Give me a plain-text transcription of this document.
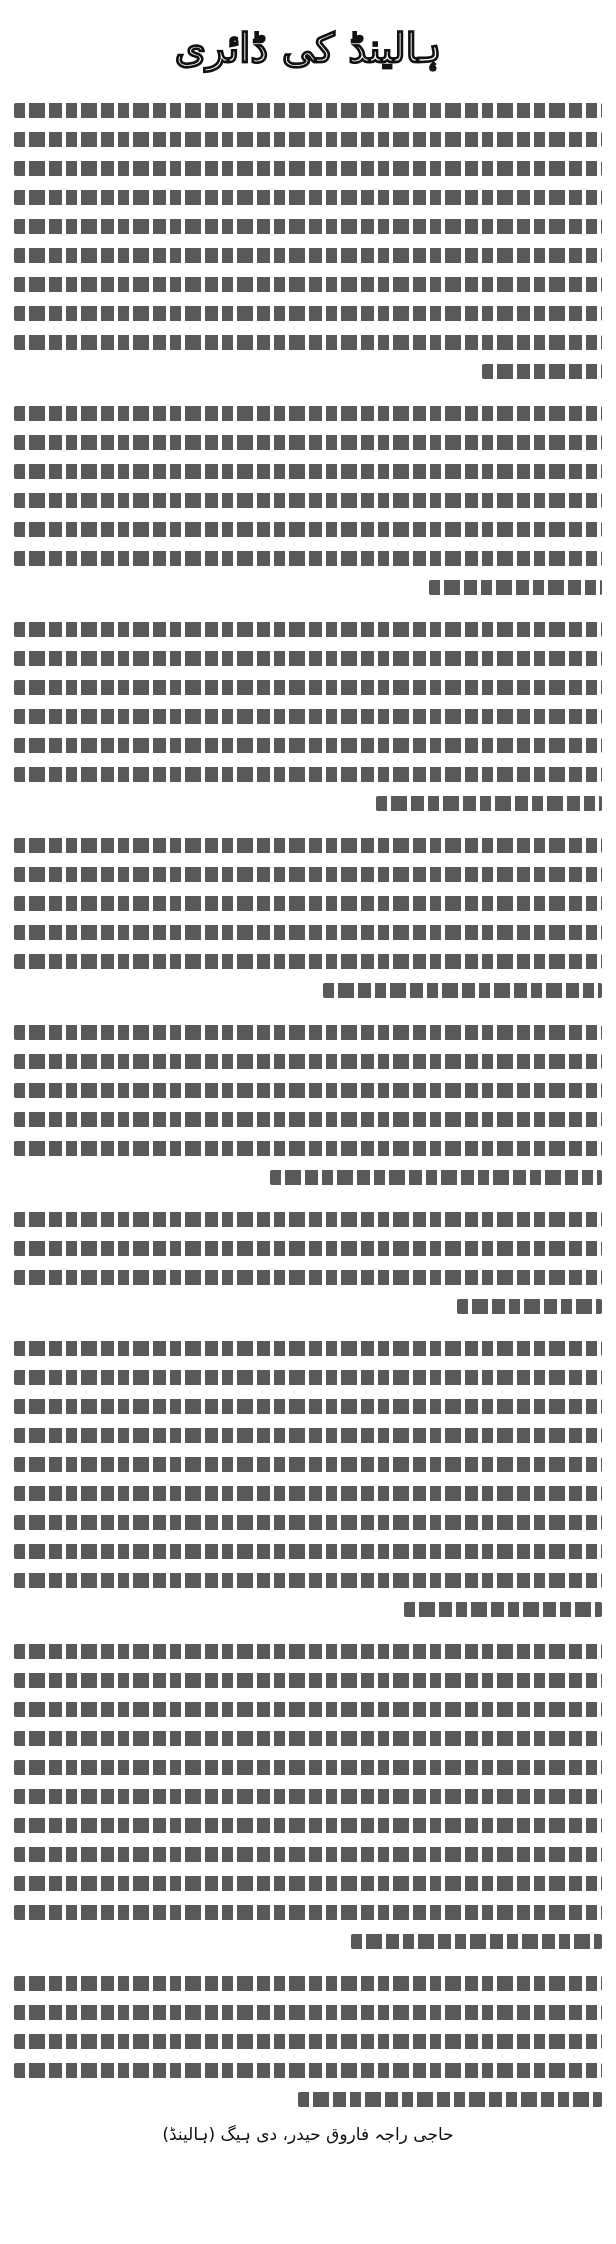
ہالینڈ کی ڈائری
حاجی راجہ فاروق حیدر، دی ہیگ (ہالینڈ)
